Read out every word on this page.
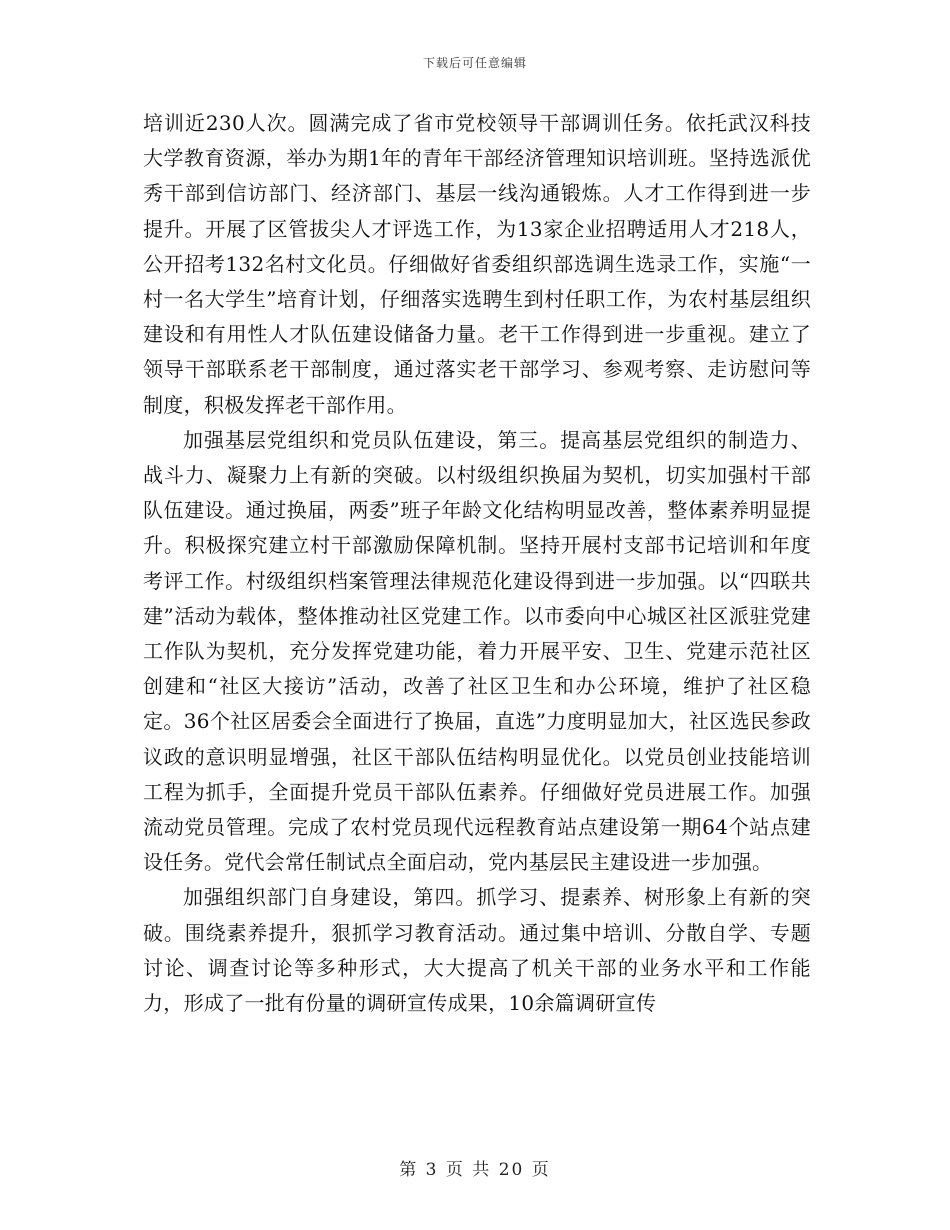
下载后可任意编辑

培训近230人次。圆满完成了省市党校领导干部调训任务。依托武汉科技大学教育资源，举办为期1年的青年干部经济管理知识培训班。坚持选派优秀干部到信访部门、经济部门、基层一线沟通锻炼。人才工作得到进一步提升。开展了区管拔尖人才评选工作，为13家企业招聘适用人才218人，公开招考132名村文化员。仔细做好省委组织部选调生选录工作，实施“一村一名大学生”培育计划，仔细落实选聘生到村任职工作，为农村基层组织建设和有用性人才队伍建设储备力量。老干工作得到进一步重视。建立了领导干部联系老干部制度，通过落实老干部学习、参观考察、走访慰问等制度，积极发挥老干部作用。

加强基层党组织和党员队伍建设，第三。提高基层党组织的制造力、战斗力、凝聚力上有新的突破。以村级组织换届为契机，切实加强村干部队伍建设。通过换届，两委”班子年龄文化结构明显改善，整体素养明显提升。积极探究建立村干部激励保障机制。坚持开展村支部书记培训和年度考评工作。村级组织档案管理法律规范化建设得到进一步加强。以“四联共建”活动为载体，整体推动社区党建工作。以市委向中心城区社区派驻党建工作队为契机，充分发挥党建功能，着力开展平安、卫生、党建示范社区创建和“社区大接访”活动，改善了社区卫生和办公环境，维护了社区稳定。36个社区居委会全面进行了换届，直选”力度明显加大，社区选民参政议政的意识明显增强，社区干部队伍结构明显优化。以党员创业技能培训工程为抓手，全面提升党员干部队伍素养。仔细做好党员进展工作。加强流动党员管理。完成了农村党员现代远程教育站点建设第一期64个站点建设任务。党代会常任制试点全面启动，党内基层民主建设进一步加强。

加强组织部门自身建设，第四。抓学习、提素养、树形象上有新的突破。围绕素养提升，狠抓学习教育活动。通过集中培训、分散自学、专题讨论、调查讨论等多种形式，大大提高了机关干部的业务水平和工作能力，形成了一批有份量的调研宣传成果，10余篇调研宣传

第 3 页 共 20 页
